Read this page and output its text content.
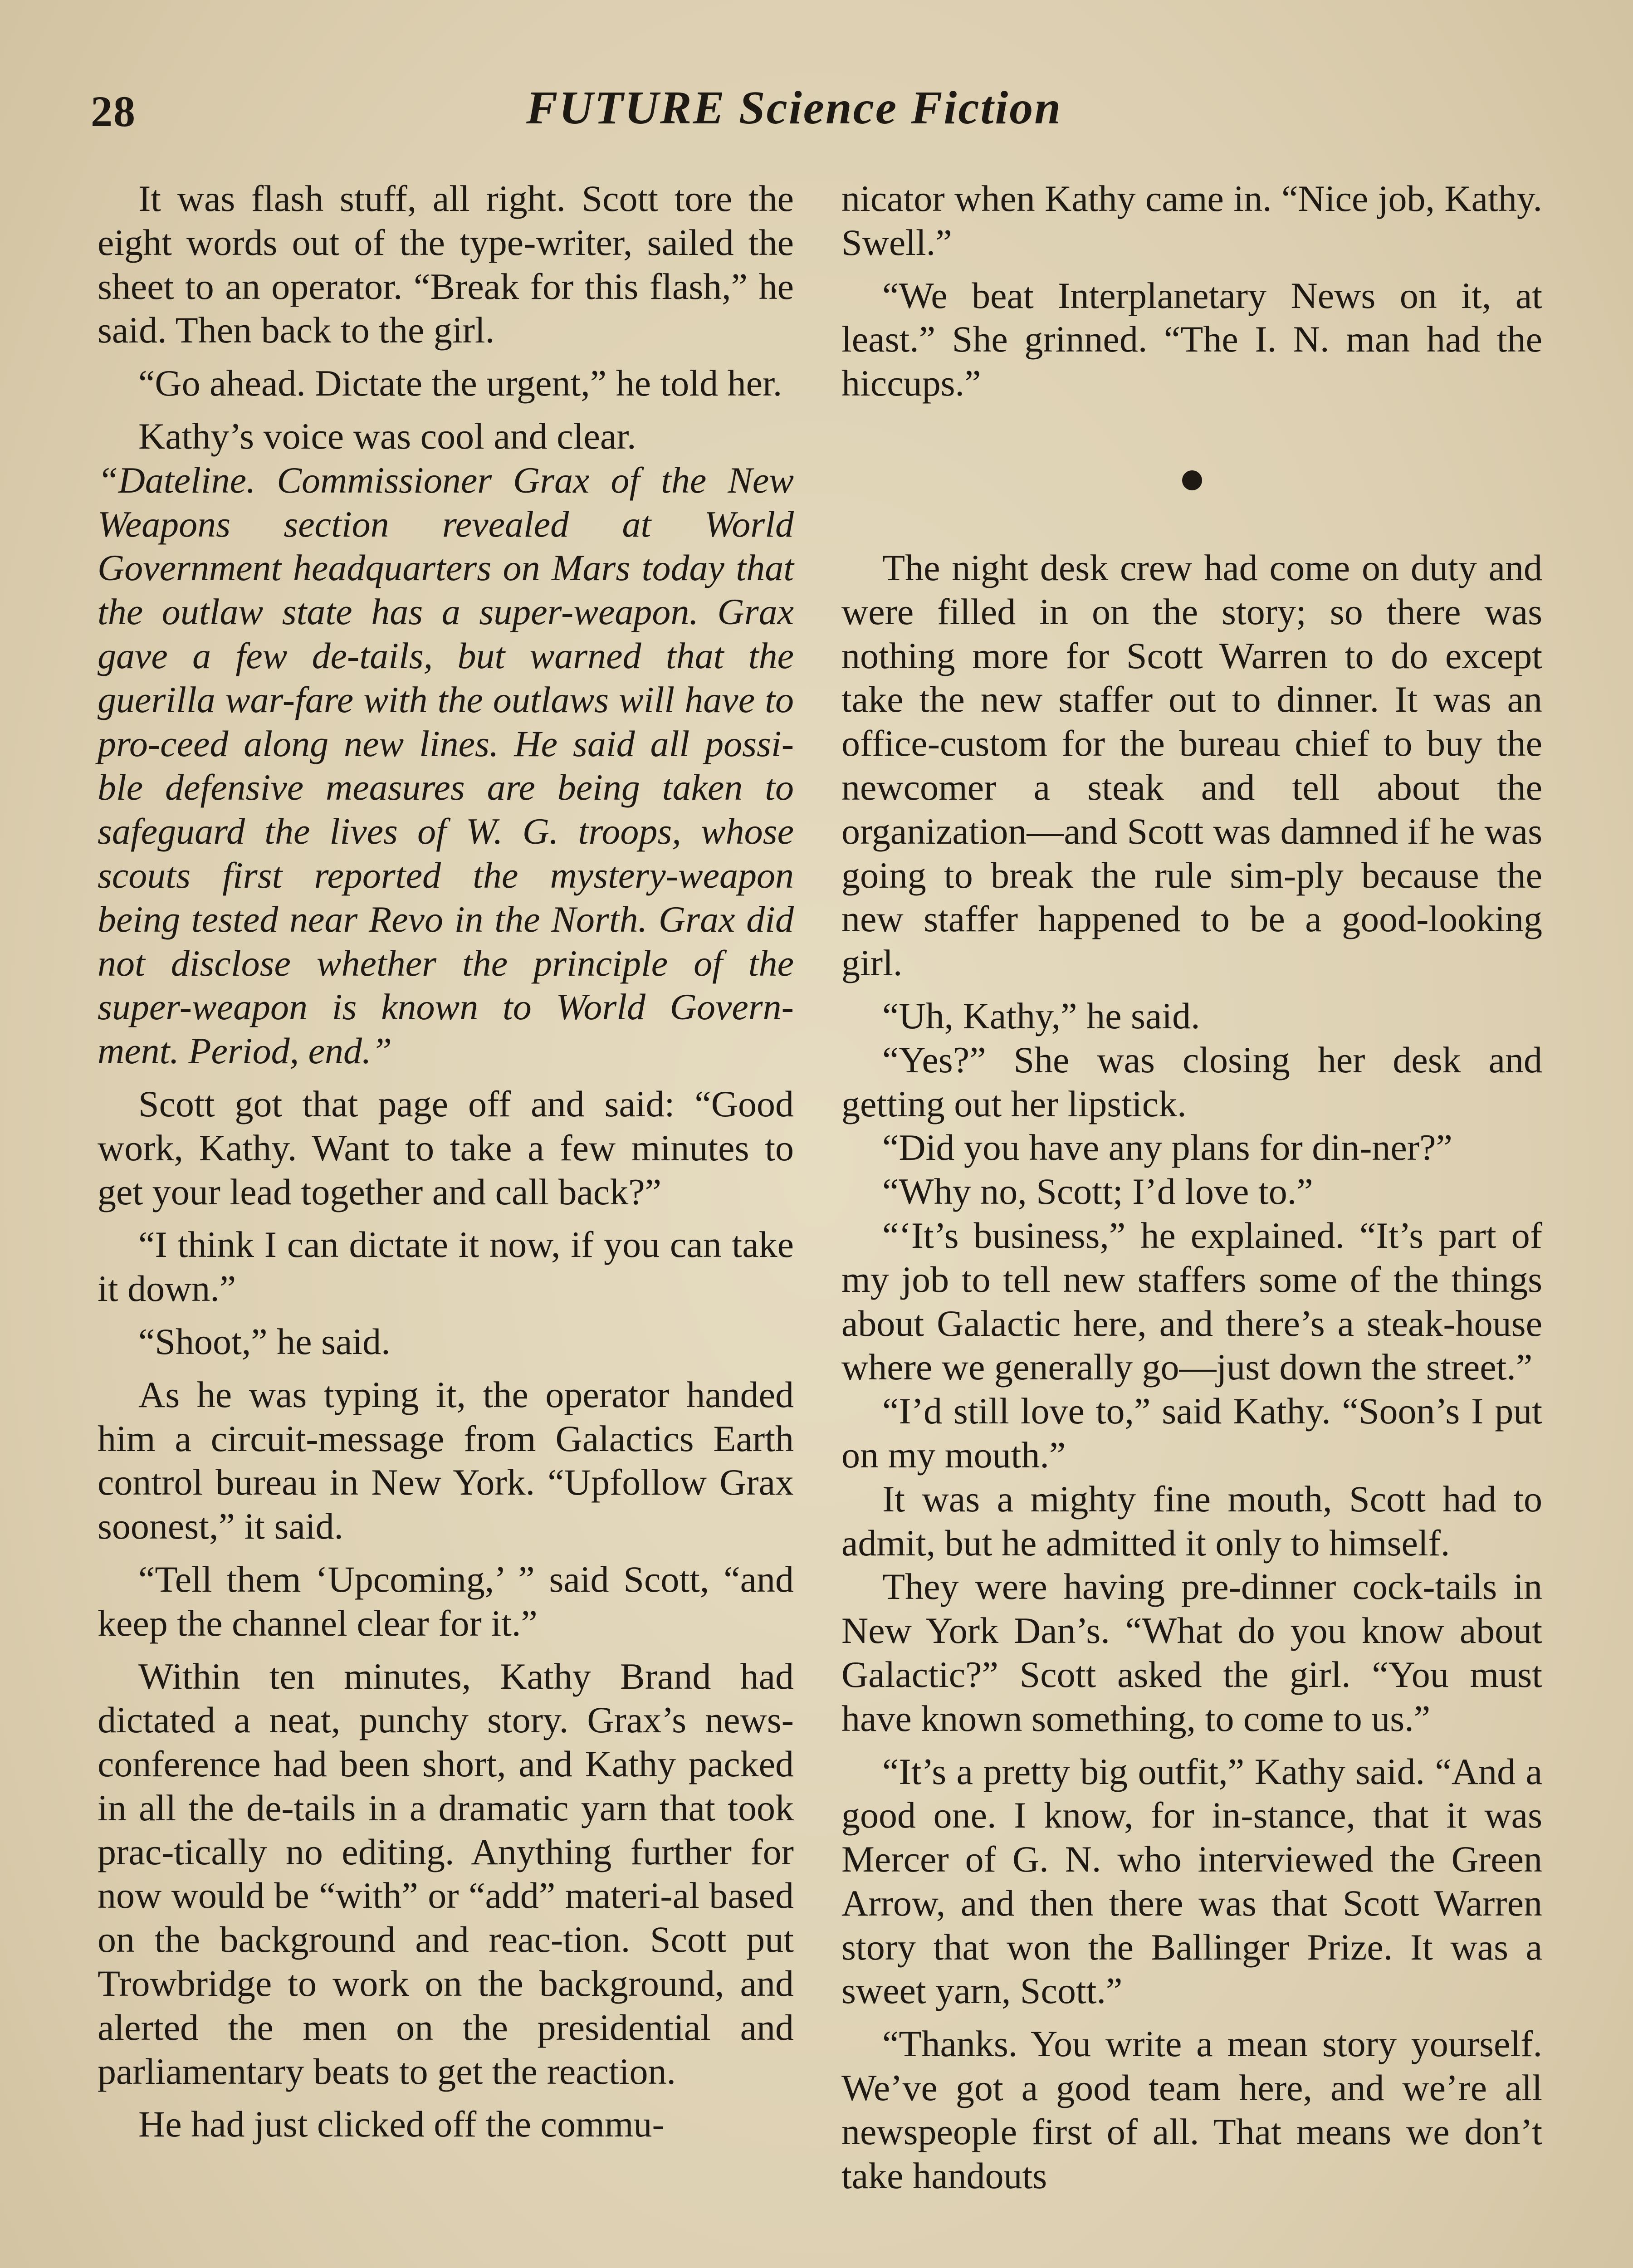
28	FUTURE Science Fiction

It was flash stuff, all right. Scott tore the eight words out of the type-writer, sailed the sheet to an operator. “Break for this flash,” he said. Then back to the girl.

“Go ahead. Dictate the urgent,” he told her.

Kathy’s voice was cool and clear.

“Dateline. Commissioner Grax of the New Weapons section revealed at World Government headquarters on Mars today that the outlaw state has a super-weapon. Grax gave a few de-tails, but warned that the guerilla war-fare with the outlaws will have to pro-ceed along new lines. He said all possi-ble defensive measures are being taken to safeguard the lives of W. G. troops, whose scouts first reported the mystery-weapon being tested near Revo in the North. Grax did not disclose whether the principle of the super-weapon is known to World Govern-ment. Period, end.”

Scott got that page off and said: “Good work, Kathy. Want to take a few minutes to get your lead together and call back?”

“I think I can dictate it now, if you can take it down.”

“Shoot,” he said.

As he was typing it, the operator handed him a circuit-message from Galactics Earth control bureau in New York. “Upfollow Grax soonest,” it said.

“Tell them ‘Upcoming,’ ” said Scott, “and keep the channel clear for it.”

Within ten minutes, Kathy Brand had dictated a neat, punchy story. Grax’s news-conference had been short, and Kathy packed in all the de-tails in a dramatic yarn that took prac-tically no editing. Anything further for now would be “with” or “add” materi-al based on the background and reac-tion. Scott put Trowbridge to work on the background, and alerted the men on the presidential and parliamentary beats to get the reaction.

He had just clicked off the commu-

nicator when Kathy came in. “Nice job, Kathy. Swell.”

“We beat Interplanetary News on it, at least.” She grinned. “The I. N. man had the hiccups.”

The night desk crew had come on duty and were filled in on the story; so there was nothing more for Scott Warren to do except take the new staffer out to dinner. It was an office-custom for the bureau chief to buy the newcomer a steak and tell about the organization—and Scott was damned if he was going to break the rule sim-ply because the new staffer happened to be a good-looking girl.

“Uh, Kathy,” he said.

“Yes?” She was closing her desk and getting out her lipstick.

“Did you have any plans for din-ner?”

“Why no, Scott; I’d love to.”

“‘It’s business,” he explained. “It’s part of my job to tell new staffers some of the things about Galactic here, and there’s a steak-house where we generally go—just down the street.”

“I’d still love to,” said Kathy. “Soon’s I put on my mouth.”

It was a mighty fine mouth, Scott had to admit, but he admitted it only to himself.

They were having pre-dinner cock-tails in New York Dan’s. “What do you know about Galactic?” Scott asked the girl. “You must have known something, to come to us.”

“It’s a pretty big outfit,” Kathy said. “And a good one. I know, for in-stance, that it was Mercer of G. N. who interviewed the Green Arrow, and then there was that Scott Warren story that won the Ballinger Prize. It was a sweet yarn, Scott.”

“Thanks. You write a mean story yourself. We’ve got a good team here, and we’re all newspeople first of all. That means we don’t take handouts
